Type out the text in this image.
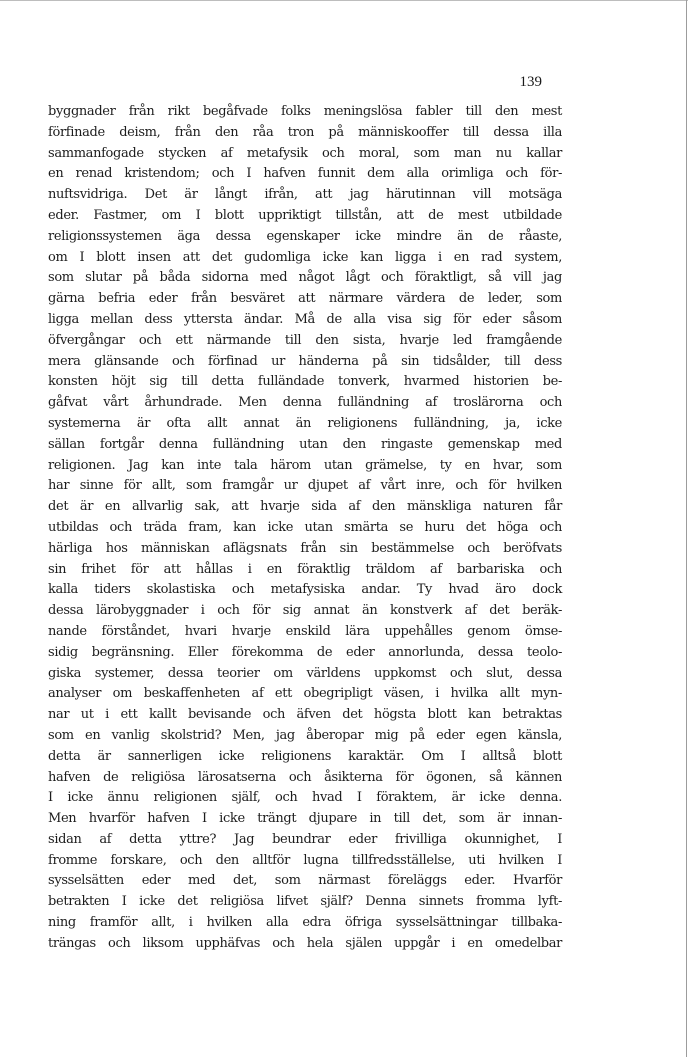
139
byggnader från rikt begåfvade folks meningslösa fabler till den mest
förfinade deism, från den råa tron på människooffer till dessa illa
sammanfogade stycken af metafysik och moral, som man nu kallar
en renad kristendom; och I hafven funnit dem alla orimliga och för-
nuftsvidriga. Det är långt ifrån, att jag härutinnan vill motsäga
eder. Fastmer, om I blott uppriktigt tillstån, att de mest utbildade
religionssystemen äga dessa egenskaper icke mindre än de råaste,
om I blott insen att det gudomliga icke kan ligga i en rad system,
som slutar på båda sidorna med något lågt och föraktligt, så vill jag
gärna befria eder från besväret att närmare värdera de leder, som
ligga mellan dess yttersta ändar. Må de alla visa sig för eder såsom
öfvergångar och ett närmande till den sista, hvarje led framgående
mera glänsande och förfinad ur händerna på sin tidsålder, till dess
konsten höjt sig till detta fulländade tonverk, hvarmed historien be-
gåfvat vårt århundrade. Men denna fulländning af troslärorna och
systemerna är ofta allt annat än religionens fulländning, ja, icke
sällan fortgår denna fulländning utan den ringaste gemenskap med
religionen. Jag kan inte tala härom utan grämelse, ty en hvar, som
har sinne för allt, som framgår ur djupet af vårt inre, och för hvilken
det är en allvarlig sak, att hvarje sida af den mänskliga naturen får
utbildas och träda fram, kan icke utan smärta se huru det höga och
härliga hos människan aflägsnats från sin bestämmelse och beröfvats
sin frihet för att hållas i en föraktlig träldom af barbariska och
kalla tiders skolastiska och metafysiska andar. Ty hvad äro dock
dessa lärobyggnader i och för sig annat än konstverk af det beräk-
nande förståndet, hvari hvarje enskild lära uppehålles genom ömse-
sidig begränsning. Eller förekomma de eder annorlunda, dessa teolo-
giska systemer, dessa teorier om världens uppkomst och slut, dessa
analyser om beskaffenheten af ett obegripligt väsen, i hvilka allt myn-
nar ut i ett kallt bevisande och äfven det högsta blott kan betraktas
som en vanlig skolstrid? Men, jag åberopar mig på eder egen känsla,
detta är sannerligen icke religionens karaktär. Om I alltså blott
hafven de religiösa lärosatserna och åsikterna för ögonen, så kännen
I icke ännu religionen själf, och hvad I föraktem, är icke denna.
Men hvarför hafven I icke trängt djupare in till det, som är innan-
sidan af detta yttre? Jag beundrar eder frivilliga okunnighet, I
fromme forskare, och den alltför lugna tillfredsställelse, uti hvilken I
sysselsätten eder med det, som närmast föreläggs eder. Hvarför
betrakten I icke det religiösa lifvet själf? Denna sinnets fromma lyft-
ning framför allt, i hvilken alla edra öfriga sysselsättningar tillbaka-
trängas och liksom upphäfvas och hela själen uppgår i en omedelbar
